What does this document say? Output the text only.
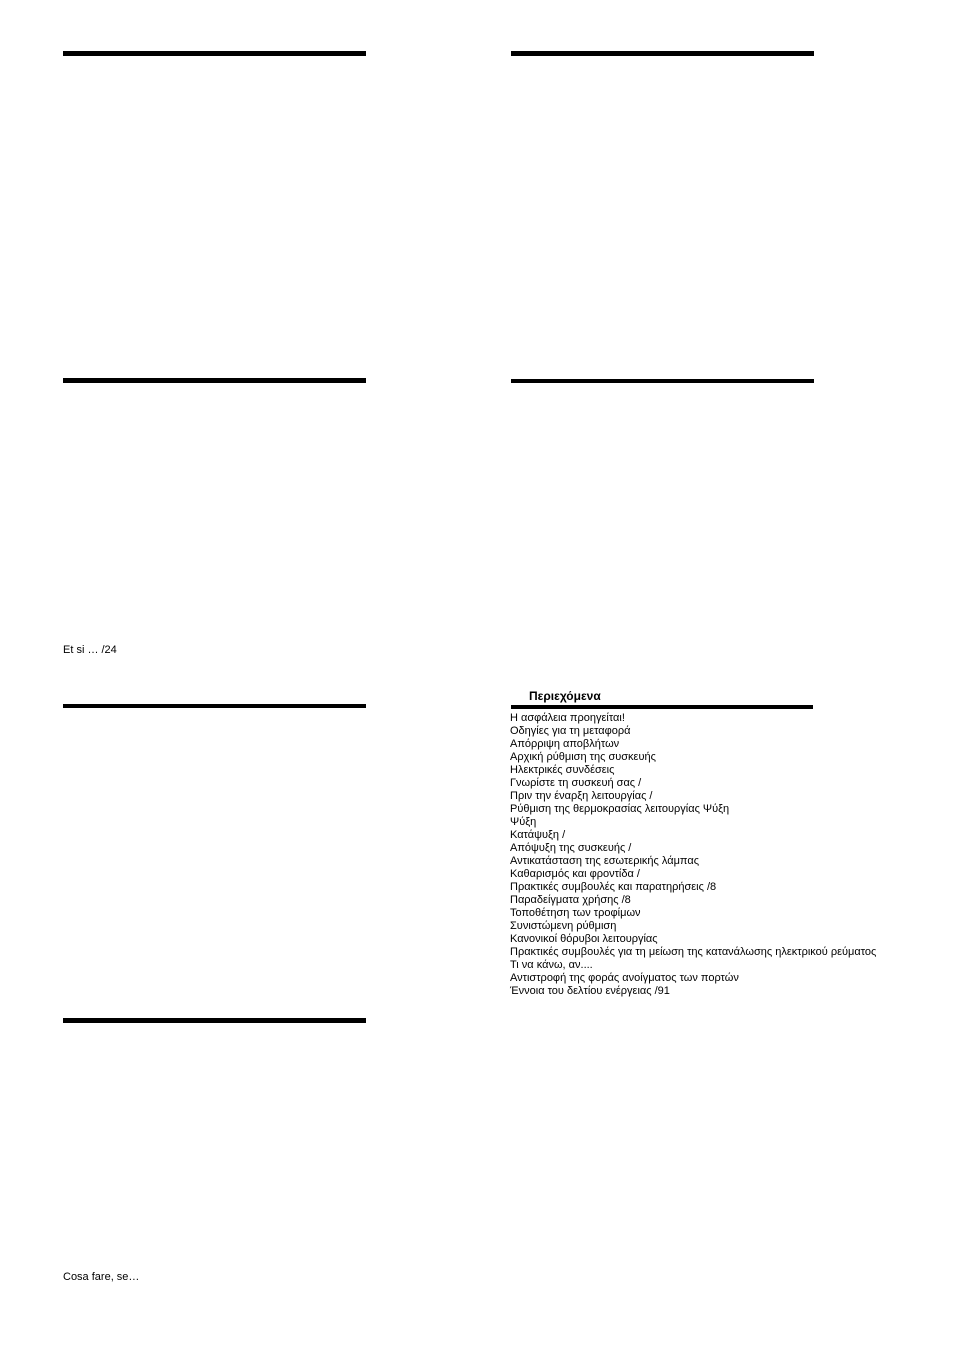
Et si … /24
Cosa fare, se…
Περιεχόμενα
Η ασφάλεια προηγείται!
Οδηγίες για τη μεταφορά
Απόρριψη αποβλήτων
Αρχική ρύθμιση της συσκευής
Ηλεκτρικές συνδέσεις
Γνωρίστε τη συσκευή σας /
Πριν την έναρξη λειτουργίας /
Ρύθμιση της θερμοκρασίας λειτουργίας Ψύξη
Ψύξη
Κατάψυξη /
Απόψυξη της συσκευής /
Αντικατάσταση της εσωτερικής λάμπας
Καθαρισμός και φροντίδα /
Πρακτικές συμβουλές και παρατηρήσεις /8
Παραδείγματα χρήσης /8
Τοποθέτηση των τροφίμων
Συνιστώμενη ρύθμιση
Κανονικοί θόρυβοι λειτουργίας
Πρακτικές συμβουλές για τη μείωση της κατανάλωσης ηλεκτρικού ρεύματος
Τι να κάνω, αν....
Αντιστροφή της φοράς ανοίγματος των πορτών
Έννοια του δελτίου ενέργειας /91
